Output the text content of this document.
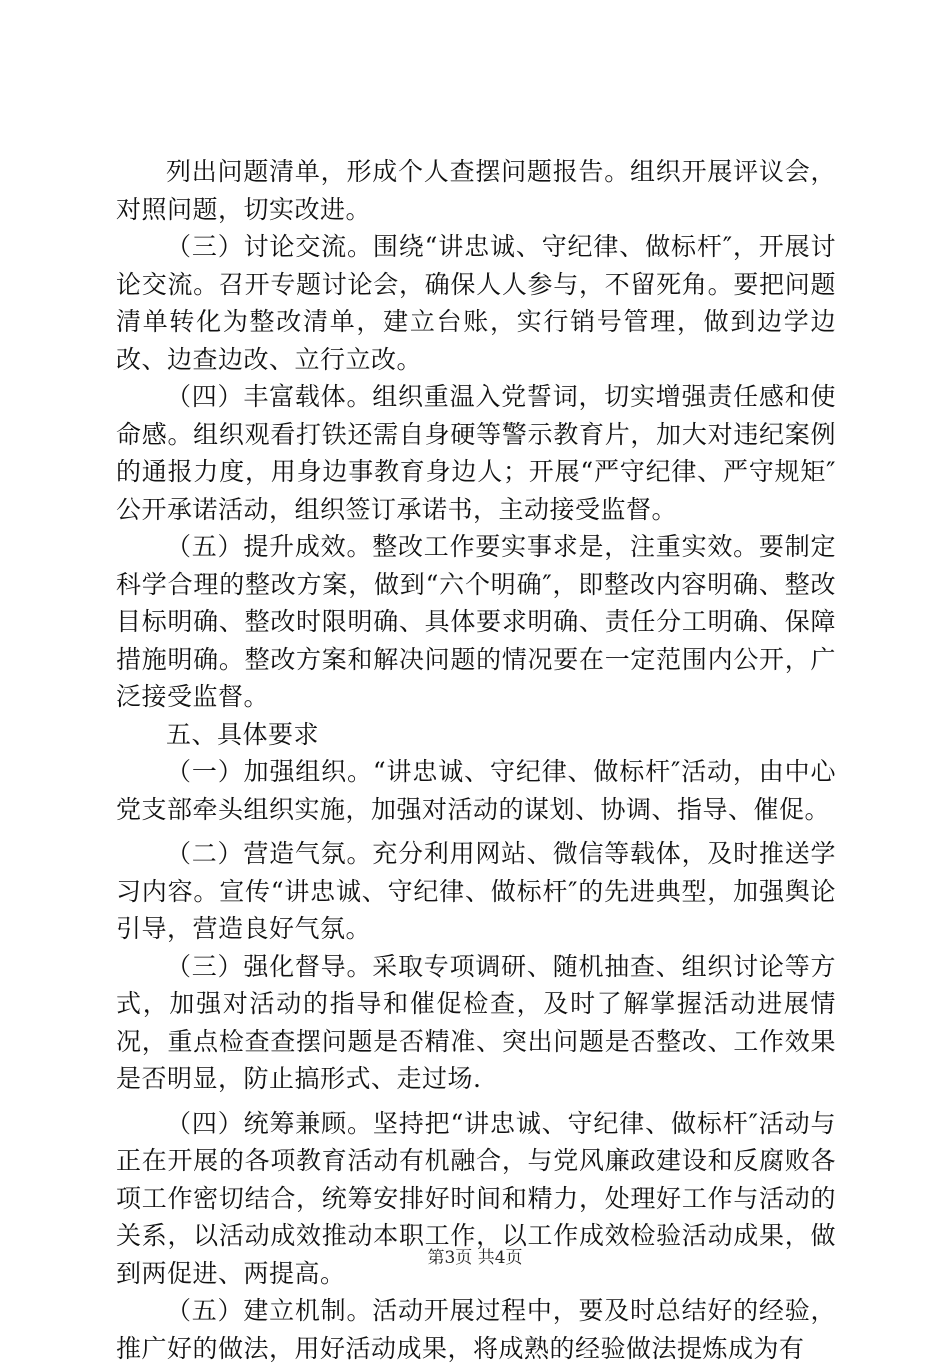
列出问题清单，形成个人查摆问题报告。组织开展评议会，对照问题，切实改进。

（三）讨论交流。围绕“讲忠诚、守纪律、做标杆″，开展讨论交流。召开专题讨论会，确保人人参与，不留死角。要把问题清单转化为整改清单，建立台账，实行销号管理，做到边学边改、边查边改、立行立改。

（四）丰富载体。组织重温入党誓词，切实增强责任感和使命感。组织观看打铁还需自身硬等警示教育片，加大对违纪案例的通报力度，用身边事教育身边人；开展“严守纪律、严守规矩″公开承诺活动，组织签订承诺书，主动接受监督。

（五）提升成效。整改工作要实事求是，注重实效。要制定科学合理的整改方案，做到“六个明确″，即整改内容明确、整改目标明确、整改时限明确、具体要求明确、责任分工明确、保障措施明确。整改方案和解决问题的情况要在一定范围内公开，广泛接受监督。

五、具体要求

（一）加强组织。“讲忠诚、守纪律、做标杆″活动，由中心党支部牵头组织实施，加强对活动的谋划、协调、指导、催促。

（二）营造气氛。充分利用网站、微信等载体，及时推送学习内容。宣传“讲忠诚、守纪律、做标杆″的先进典型，加强舆论引导，营造良好气氛。

（三）强化督导。采取专项调研、随机抽查、组织讨论等方式，加强对活动的指导和催促检查，及时了解掌握活动进展情况，重点检查查摆问题是否精准、突出问题是否整改、工作效果是否明显，防止搞形式、走过场.

（四）统筹兼顾。坚持把“讲忠诚、守纪律、做标杆″活动与正在开展的各项教育活动有机融合，与党风廉政建设和反腐败各项工作密切结合，统筹安排好时间和精力，处理好工作与活动的关系，以活动成效推动本职工作，以工作成效检验活动成果，做到两促进、两提高。

（五）建立机制。活动开展过程中，要及时总结好的经验，推广好的做法，用好活动成果，将成熟的经验做法提炼成为有

第3页 共4页
